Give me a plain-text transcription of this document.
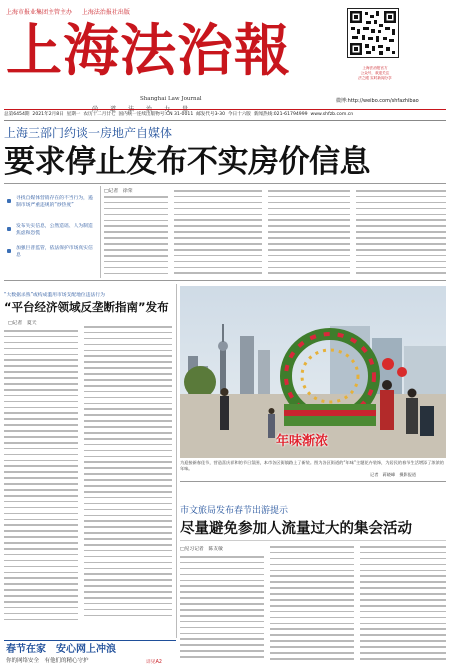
上海市报业集团主管主办 上海法治报社出版
上海法治報
Shanghai Law Journal
上海法治报官方
公众号，欢迎关注
法之眼 实时新闻分享
微博:http://weibo.com/shfazhibao
总第6454期 2021年2月8日 星期一 农历十二月廿七 国内统一连续出版物号:CN 31-0011 邮发代号3-30 今日十六版 新闻热线:021-61794999 www.shfzb.com.cn
上海三部门约谈一房地产自媒体
要求停止发布不实房价信息
寻找自媒体营销存在的不当行为，遏制市场严重违规的“炒热度”
发布失实信息，公然造谣、人为制造焦虑和恐慌
加强巨普监管，依法保护市场真实信息
□记者　徐荣
“大数据杀熟”或构成滥用市场支配地位违法行为
“平台经济领域反垄断指南”发布
□记者　夏天
年味渐浓
为迎接新春佳节，营造喜庆祥和的节日氛围，本市各区街镇路上了新装。图为各区街道的“年味”主题花卉装饰，为居民的春节生活增添了浓浓的年味。
记者　蒋晓峰　摄影报道
市文旅局发布春节出游提示
尽量避免参加人流量过大的集会活动
□见习记者　陈友敏
春节在家　安心网上冲浪
你的网络安全　有他们的精心守护	详见A2
